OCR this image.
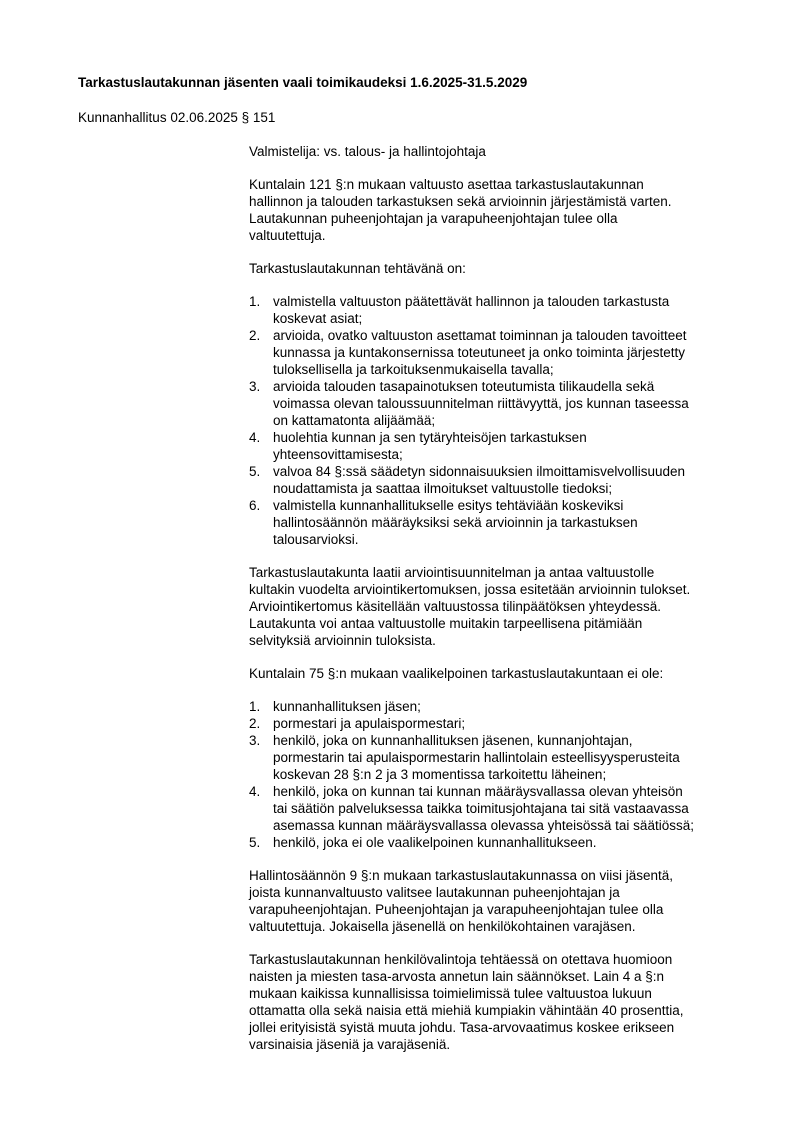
Tarkastuslautakunnan jäsenten vaali toimikaudeksi 1.6.2025-31.5.2029
Kunnanhallitus 02.06.2025 § 151

Valmistelija: vs. talous- ja hallintojohtaja

Kuntalain 121 §:n mukaan valtuusto asettaa tarkastuslautakunnan
hallinnon ja talouden tarkastuksen sekä arvioinnin järjestämistä varten.
Lautakunnan puheenjohtajan ja varapuheenjohtajan tulee olla
valtuutettuja.

Tarkastuslautakunnan tehtävänä on:

1. valmistella valtuuston päätettävät hallinnon ja talouden tarkastusta
koskevat asiat;
2. arvioida, ovatko valtuuston asettamat toiminnan ja talouden tavoitteet
kunnassa ja kuntakonsernissa toteutuneet ja onko toiminta järjestetty
tuloksellisella ja tarkoituksenmukaisella tavalla;
3. arvioida talouden tasapainotuksen toteutumista tilikaudella sekä
voimassa olevan taloussuunnitelman riittävyyttä, jos kunnan taseessa
on kattamatonta alijäämää;
4. huolehtia kunnan ja sen tytäryhteisöjen tarkastuksen
yhteensovittamisesta;
5. valvoa 84 §:ssä säädetyn sidonnaisuuksien ilmoittamisvelvollisuuden
noudattamista ja saattaa ilmoitukset valtuustolle tiedoksi;
6. valmistella kunnanhallitukselle esitys tehtäviään koskeviksi
hallintosäännön määräyksiksi sekä arvioinnin ja tarkastuksen
talousarvioksi.

Tarkastuslautakunta laatii arviointisuunnitelman ja antaa valtuustolle
kultakin vuodelta arviointikertomuksen, jossa esitetään arvioinnin tulokset.
Arviointikertomus käsitellään valtuustossa tilinpäätöksen yhteydessä.
Lautakunta voi antaa valtuustolle muitakin tarpeellisena pitämiään
selvityksiä arvioinnin tuloksista.

Kuntalain 75 §:n mukaan vaalikelpoinen tarkastuslautakuntaan ei ole:

1. kunnanhallituksen jäsen;
2. pormestari ja apulaispormestari;
3. henkilö, joka on kunnanhallituksen jäsenen, kunnanjohtajan,
pormestarin tai apulaispormestarin hallintolain esteellisyysperusteita
koskevan 28 §:n 2 ja 3 momentissa tarkoitettu läheinen;
4. henkilö, joka on kunnan tai kunnan määräysvallassa olevan yhteisön
tai säätiön palveluksessa taikka toimitusjohtajana tai sitä vastaavassa
asemassa kunnan määräysvallassa olevassa yhteisössä tai säätiössä;
5. henkilö, joka ei ole vaalikelpoinen kunnanhallitukseen.

Hallintosäännön 9 §:n mukaan tarkastuslautakunnassa on viisi jäsentä,
joista kunnanvaltuusto valitsee lautakunnan puheenjohtajan ja
varapuheenjohtajan. Puheenjohtajan ja varapuheenjohtajan tulee olla
valtuutettuja. Jokaisella jäsenellä on henkilökohtainen varajäsen.

Tarkastuslautakunnan henkilövalintoja tehtäessä on otettava huomioon
naisten ja miesten tasa-arvosta annetun lain säännökset. Lain 4 a §:n
mukaan kaikissa kunnallisissa toimielimissä tulee valtuustoa lukuun
ottamatta olla sekä naisia että miehiä kumpiakin vähintään 40 prosenttia,
jollei erityisistä syistä muuta johdu. Tasa-arvovaatimus koskee erikseen
varsinaisia jäseniä ja varajäseniä.
